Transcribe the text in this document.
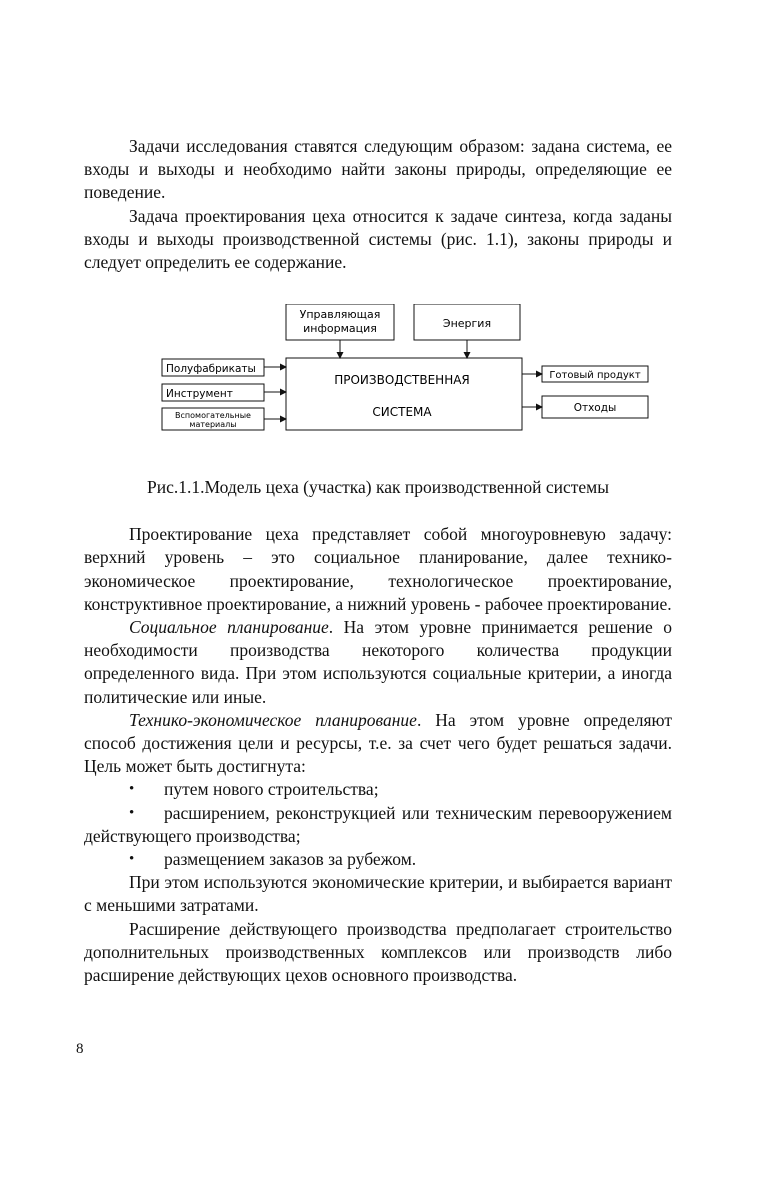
Задачи исследования ставятся следующим образом: задана система, ее входы и выходы и необходимо найти законы природы, определяющие ее поведение.

Задача проектирования цеха относится к задаче синтеза, когда заданы входы и выходы производственной системы (рис. 1.1), законы природы и следует определить ее содержание.

Управляющая
информация	Энергия
ПРОИЗВОДСТВЕННАЯ
СИСТЕМА
Полуфабрикаты
Инструмент
Вспомогательные
материалы
Готовый продукт
Отходы

Рис.1.1.Модель цеха (участка) как производственной системы

Проектирование цеха представляет собой многоуровневую задачу: верхний уровень – это социальное планирование, далее технико-экономическое проектирование, технологическое проектирование, конструктивное проектирование, а нижний уровень - рабочее проектирование.

Социальное планирование. На этом уровне принимается решение о необходимости производства некоторого количества продукции определенного вида. При этом используются социальные критерии, а иногда политические или иные.

Технико-экономическое планирование. На этом уровне определяют способ достижения цели и ресурсы, т.е. за счет чего будет решаться задачи. Цель может быть достигнута:

• путем нового строительства;
• расширением, реконструкцией или техническим перевооружением действующего производства;
• размещением заказов за рубежом.

При этом используются экономические критерии, и выбирается вариант с меньшими затратами.

Расширение действующего производства предполагает строительство дополнительных производственных комплексов или производств либо расширение действующих цехов основного производства.

8
